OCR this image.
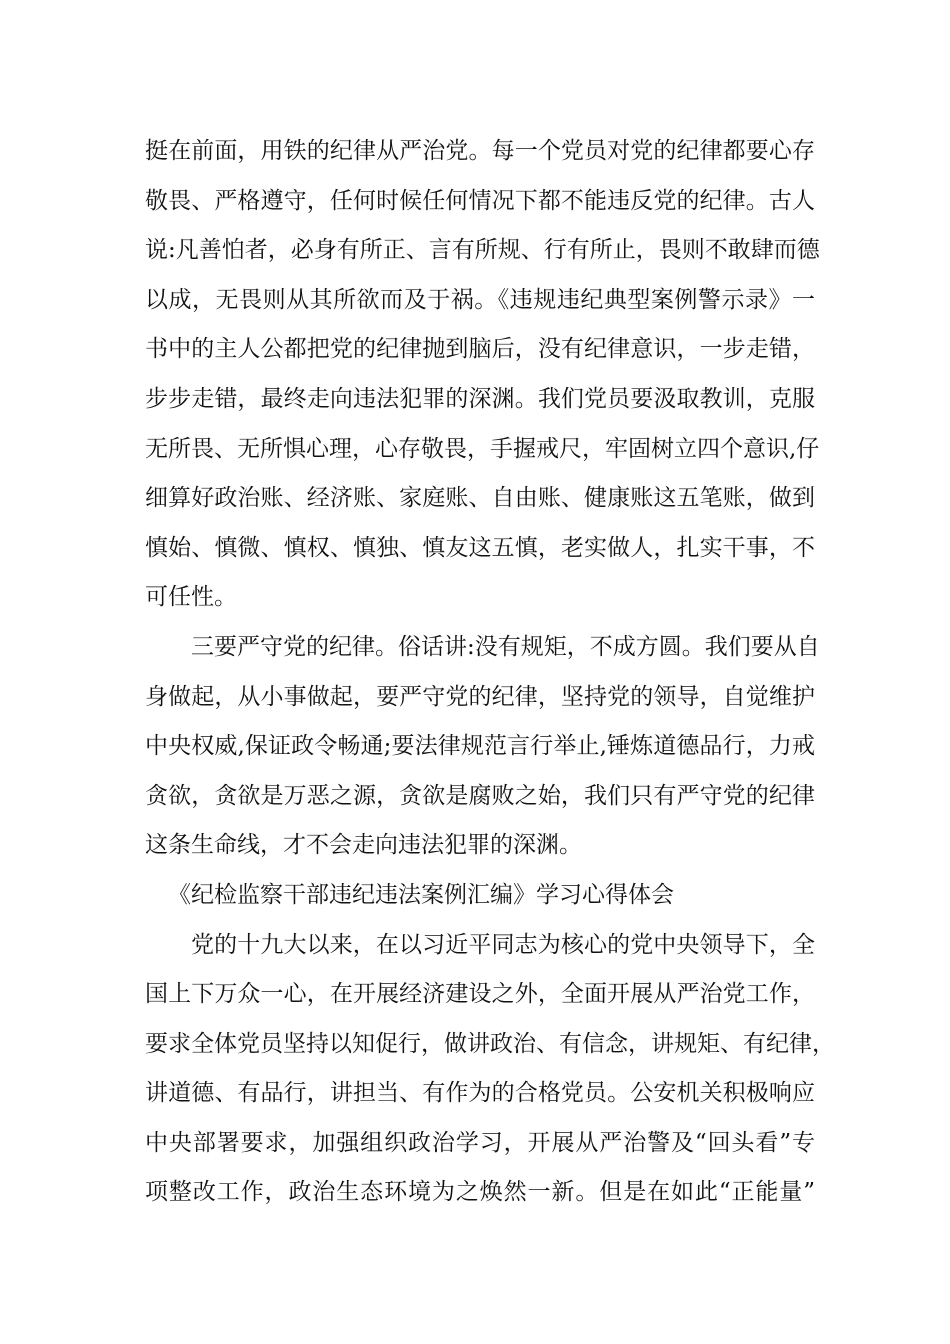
挺在前面，用铁的纪律从严治党。每一个党员对党的纪律都要心存
敬畏、严格遵守，任何时候任何情况下都不能违反党的纪律。古人
说:凡善怕者，必身有所正、言有所规、行有所止，畏则不敢肆而德
以成，无畏则从其所欲而及于祸。《违规违纪典型案例警示录》一
书中的主人公都把党的纪律抛到脑后，没有纪律意识，一步走错，
步步走错，最终走向违法犯罪的深渊。我们党员要汲取教训，克服
无所畏、无所惧心理，心存敬畏，手握戒尺，牢固树立四个意识,仔
细算好政治账、经济账、家庭账、自由账、健康账这五笔账，做到
慎始、慎微、慎权、慎独、慎友这五慎，老实做人，扎实干事，不
可任性。
三要严守党的纪律。俗话讲:没有规矩，不成方圆。我们要从自
身做起，从小事做起，要严守党的纪律，坚持党的领导，自觉维护
中央权威,保证政令畅通;要法律规范言行举止,锤炼道德品行，力戒
贪欲，贪欲是万恶之源，贪欲是腐败之始，我们只有严守党的纪律
这条生命线，才不会走向违法犯罪的深渊。
《纪检监察干部违纪违法案例汇编》学习心得体会
党的十九大以来，在以习近平同志为核心的党中央领导下，全
国上下万众一心，在开展经济建设之外，全面开展从严治党工作，
要求全体党员坚持以知促行，做讲政治、有信念，讲规矩、有纪律，
讲道德、有品行，讲担当、有作为的合格党员。公安机关积极响应
中央部署要求，加强组织政治学习，开展从严治警及“回头看”专
项整改工作，政治生态环境为之焕然一新。但是在如此“正能量”
